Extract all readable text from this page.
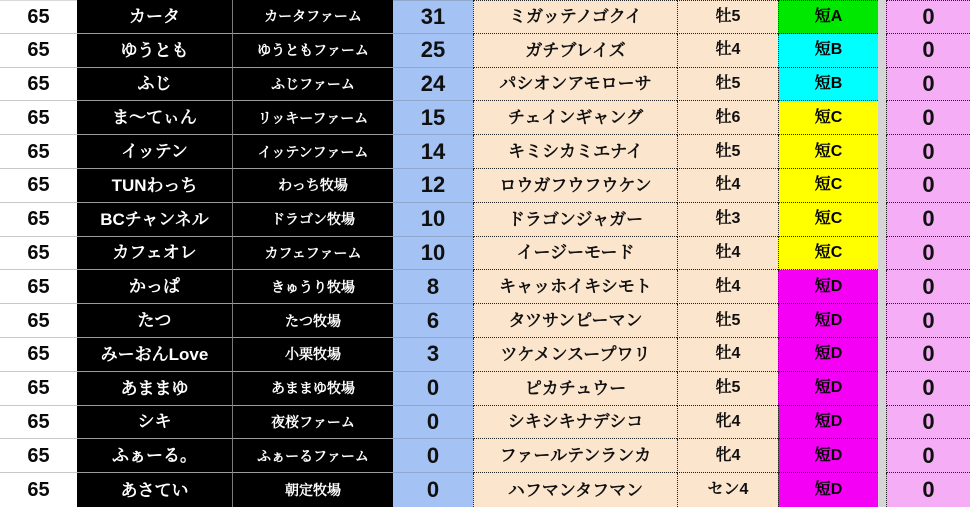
65	カータ	カータファーム	31	ミガッテノゴクイ	牡5	短A	0
65	ゆうとも	ゆうともファーム	25	ガチブレイズ	牡4	短B	0
65	ふじ	ふじファーム	24	パシオンアモローサ	牡5	短B	0
65	ま～てぃん	リッキーファーム	15	チェインギャング	牡6	短C	0
65	イッテン	イッテンファーム	14	キミシカミエナイ	牡5	短C	0
65	TUNわっち	わっち牧場	12	ロウガフウフウケン	牡4	短C	0
65	BCチャンネル	ドラゴン牧場	10	ドラゴンジャガー	牡3	短C	0
65	カフェオレ	カフェファーム	10	イージーモード	牡4	短C	0
65	かっぱ	きゅうり牧場	8	キャッホイキシモト	牡4	短D	0
65	たつ	たつ牧場	6	タツサンピーマン	牡5	短D	0
65	みーおんLove	小栗牧場	3	ツケメンスープワリ	牡4	短D	0
65	あままゆ	あままゆ牧場	0	ピカチュウー	牡5	短D	0
65	シキ	夜桜ファーム	0	シキシキナデシコ	牝4	短D	0
65	ふぁーる。	ふぁーるファーム	0	ファールテンランカ	牝4	短D	0
65	あさてい	朝定牧場	0	ハフマンタフマン	セン4	短D	0
